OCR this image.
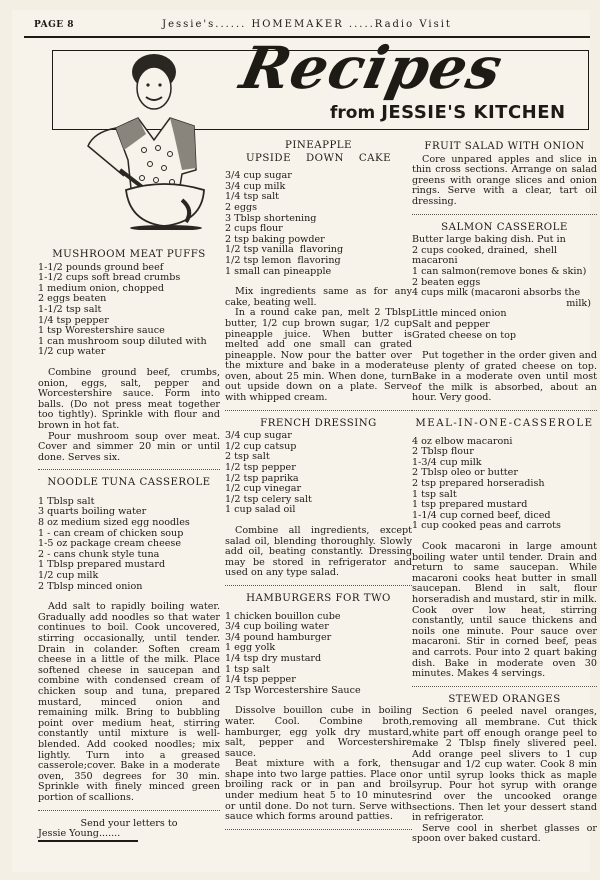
PAGE 8	Jessie's...... HOMEMAKER .....Radio Visit
Recipes
from JESSIE'S KITCHEN
MUSHROOM MEAT PUFFS
1-1/2 pounds ground beef
1-1/2 cups soft bread crumbs
1 medium onion, chopped
2 eggs beaten
1-1/2 tsp salt
1/4 tsp pepper
1 tsp Worestershire sauce
1 can mushroom soup diluted with
1/2 cup water

Combine ground beef, crumbs, onion, eggs, salt, pepper and Worcestershire sauce. Form into balls. (Do not press meat together too tightly). Sprinkle with flour and brown in hot fat.

Pour mushroom soup over meat. Cover and simmer 20 min or until done. Serves six.

NOODLE TUNA CASSEROLE
1 Tblsp salt
3 quarts boiling water
8 oz medium sized egg noodles
1 - can cream of chicken soup
1-5 oz package cream cheese
2 - cans chunk style tuna
1 Tblsp prepared mustard
1/2 cup milk
2 Tblsp minced onion

Add salt to rapidly boiling water. Gradually add noodles so that water continues to boil. Cook uncovered, stirring occasionally, until tender. Drain in colander. Soften cream cheese in a little of the milk. Place softened cheese in saucepan and combine with condensed cream of chicken soup and tuna, prepared mustard, minced onion and remaining milk. Bring to bubbling point over medium heat, stirring constantly until mixture is well-blended. Add cooked noodles; mix lightly. Turn into a greased casserole;cover. Bake in a moderate oven, 350 degrees for 30 min. Sprinkle with finely minced green portion of scallions.

Send your letters to
Jessie Young.......
PINEAPPLE
UPSIDE    DOWN    CAKE
3/4 cup sugar
3/4 cup milk
1/4 tsp salt
2 eggs
3 Tblsp shortening
2 cups flour
2 tsp baking powder
1/2 tsp vanilla  flavoring
1/2 tsp lemon  flavoring
1 small can pineapple

Mix ingredients same as for any cake, beating well.

In a round cake pan, melt 2 Tblsp butter, 1/2 cup brown sugar, 1/2 cup pineapple juice. When butter is melted add one small can grated pineapple. Now pour the batter over the mixture and bake in a moderate oven, about 25 min. When done, turn out upside down on a plate. Serve with whipped cream.

FRENCH DRESSING
3/4 cup sugar
1/2 cup catsup
2 tsp salt
1/2 tsp pepper
1/2 tsp paprika
1/2 cup vinegar
1/2 tsp celery salt
1 cup salad oil

Combine all ingredients, except salad oil, blending thoroughly. Slowly add oil, beating constantly. Dressing may be stored in refrigerator and used on any type salad.

HAMBURGERS FOR TWO
1 chicken bouillon cube
3/4 cup boiling water
3/4 pound hamburger
1 egg yolk
1/4 tsp dry mustard
1 tsp salt
1/4 tsp pepper
2 Tsp Worcestershire Sauce

Dissolve bouillon cube in boiling water. Cool. Combine broth, hamburger, egg yolk dry mustard, salt, pepper and Worcestershire sauce.

Beat mixture with a fork, then shape into two large patties. Place on broiling rack or in pan and broil under medium heat 5 to 10 minutes or until done. Do not turn. Serve with sauce which forms around patties.

FRUIT SALAD WITH ONION

Core unpared apples and slice in thin cross sections. Arrange on salad greens with orange slices and onion rings. Serve with a clear, tart oil dressing.

SALMON CASSEROLE
Butter large baking dish. Put in
2 cups cooked, drained,  shell
macaroni
1 can salmon(remove bones & skin)
2 beaten eggs
4 cups milk (macaroni absorbs the
milk)
Little minced onion
Salt and pepper
Grated cheese on top

Put together in the order given and use plenty of grated cheese on top. Bake in a moderate oven until most of the milk is absorbed, about an hour. Very good.

MEAL-IN-ONE-CASSEROLE
4 oz elbow macaroni
2 Tblsp flour
1-3/4 cup milk
2 Tblsp oleo or butter
2 tsp prepared horseradish
1 tsp salt
1 tsp prepared mustard
1-1/4 cup corned beef, diced
1 cup cooked peas and carrots

Cook macaroni in large amount boiling water until tender. Drain and return to same saucepan. While macaroni cooks heat butter in small saucepan. Blend in salt, flour horseradish and mustard, stir in milk. Cook over low heat, stirring constantly, until sauce thickens and noils one minute. Pour sauce over macaroni. Stir in corned beef, peas and carrots. Pour into 2 quart baking dish. Bake in moderate oven 30 minutes. Makes 4 servings.

STEWED ORANGES

Section 6 peeled navel oranges, removing all membrane. Cut thick white part off enough orange peel to make 2 Tblsp finely slivered peel. Add orange peel slivers to 1 cup sugar and 1/2 cup water. Cook 8 min or until syrup looks thick as maple syrup. Pour hot syrup with orange rind over the uncooked orange sections. Then let your dessert stand in refrigerator.

Serve cool in sherbet glasses or spoon over baked custard.
